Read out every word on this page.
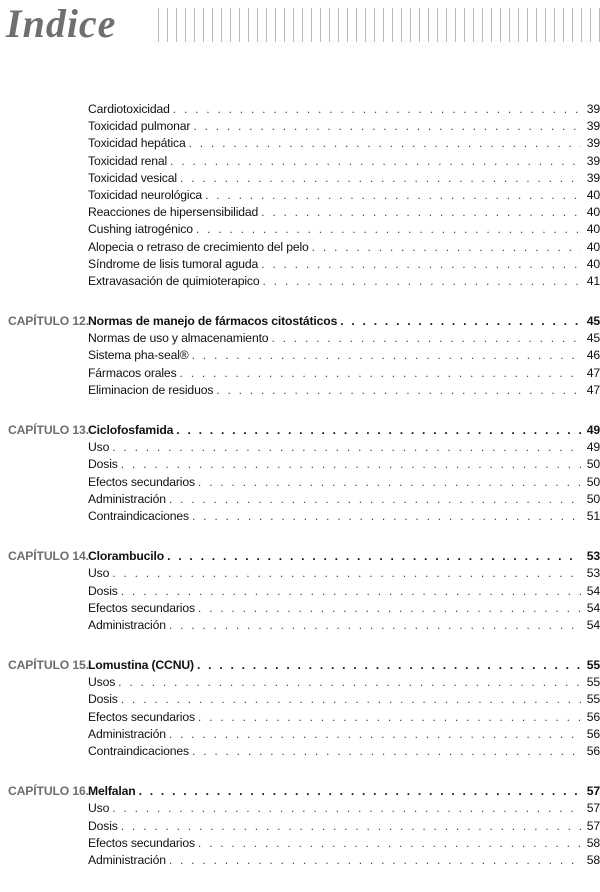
Indice
Cardiotoxicidad . . .	39
Toxicidad pulmonar . . .	39
Toxicidad hepática . . .	39
Toxicidad renal . . .	39
Toxicidad vesical . . .	39
Toxicidad neurológica . . .	40
Reacciones de hipersensibilidad . . .	40
Cushing iatrogénico . . .	40
Alopecia o retraso de crecimiento del pelo . . .	40
Síndrome de lisis tumoral aguda . . .	40
Extravasación de quimioterapico . . .	41
CAPÍTULO 12. Normas de manejo de fármacos citostáticos . . .	45
Normas de uso y almacenamiento . . .	45
Sistema pha-seal® . . .	46
Fármacos orales . . .	47
Eliminacion de residuos . . .	47
CAPÍTULO 13. Ciclofosfamida . . .	49
Uso . . .	49
Dosis . . .	50
Efectos secundarios . . .	50
Administración . . .	50
Contraindicaciones . . .	51
CAPÍTULO 14. Clorambucilo . . .	53
Uso . . .	53
Dosis . . .	54
Efectos secundarios . . .	54
Administración . . .	54
CAPÍTULO 15. Lomustina (CCNU) . . .	55
Usos . . .	55
Dosis . . .	55
Efectos secundarios . . .	56
Administración . . .	56
Contraindicaciones . . .	56
CAPÍTULO 16. Melfalan . . .	57
Uso . . .	57
Dosis . . .	57
Efectos secundarios . . .	58
Administración . . .	58
